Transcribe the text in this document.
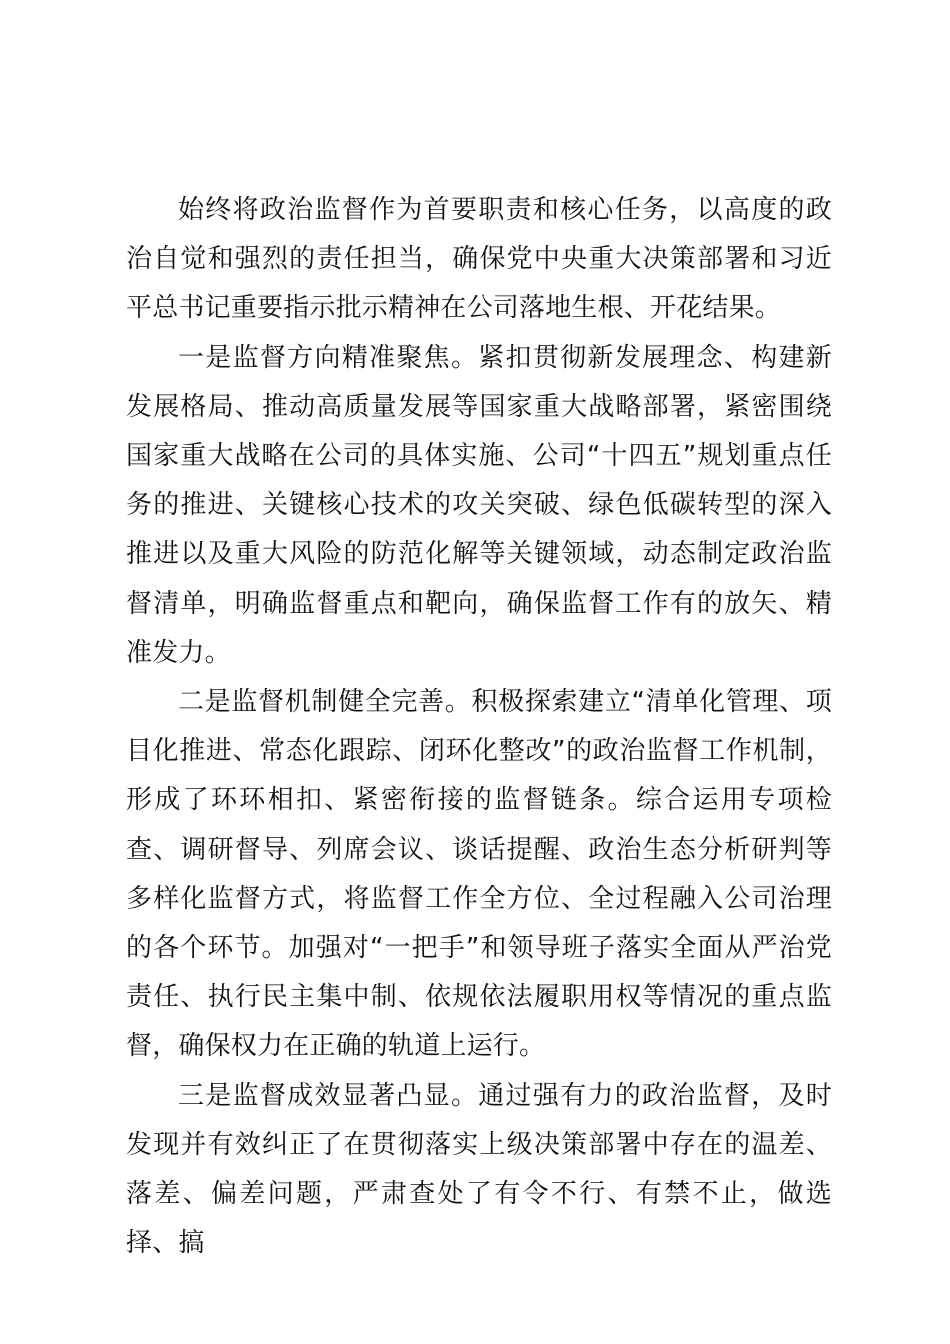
始终将政治监督作为首要职责和核心任务，以高度的政治自觉和强烈的责任担当，确保党中央重大决策部署和习近平总书记重要指示批示精神在公司落地生根、开花结果。

一是监督方向精准聚焦。紧扣贯彻新发展理念、构建新发展格局、推动高质量发展等国家重大战略部署，紧密围绕国家重大战略在公司的具体实施、公司“十四五”规划重点任务的推进、关键核心技术的攻关突破、绿色低碳转型的深入推进以及重大风险的防范化解等关键领域，动态制定政治监督清单，明确监督重点和靶向，确保监督工作有的放矢、精准发力。

二是监督机制健全完善。积极探索建立“清单化管理、项目化推进、常态化跟踪、闭环化整改”的政治监督工作机制，形成了环环相扣、紧密衔接的监督链条。综合运用专项检查、调研督导、列席会议、谈话提醒、政治生态分析研判等多样化监督方式，将监督工作全方位、全过程融入公司治理的各个环节。加强对“一把手”和领导班子落实全面从严治党责任、执行民主集中制、依规依法履职用权等情况的重点监督，确保权力在正确的轨道上运行。

三是监督成效显著凸显。通过强有力的政治监督，及时发现并有效纠正了在贯彻落实上级决策部署中存在的温差、落差、偏差问题，严肃查处了有令不行、有禁不止，做选择、搞
